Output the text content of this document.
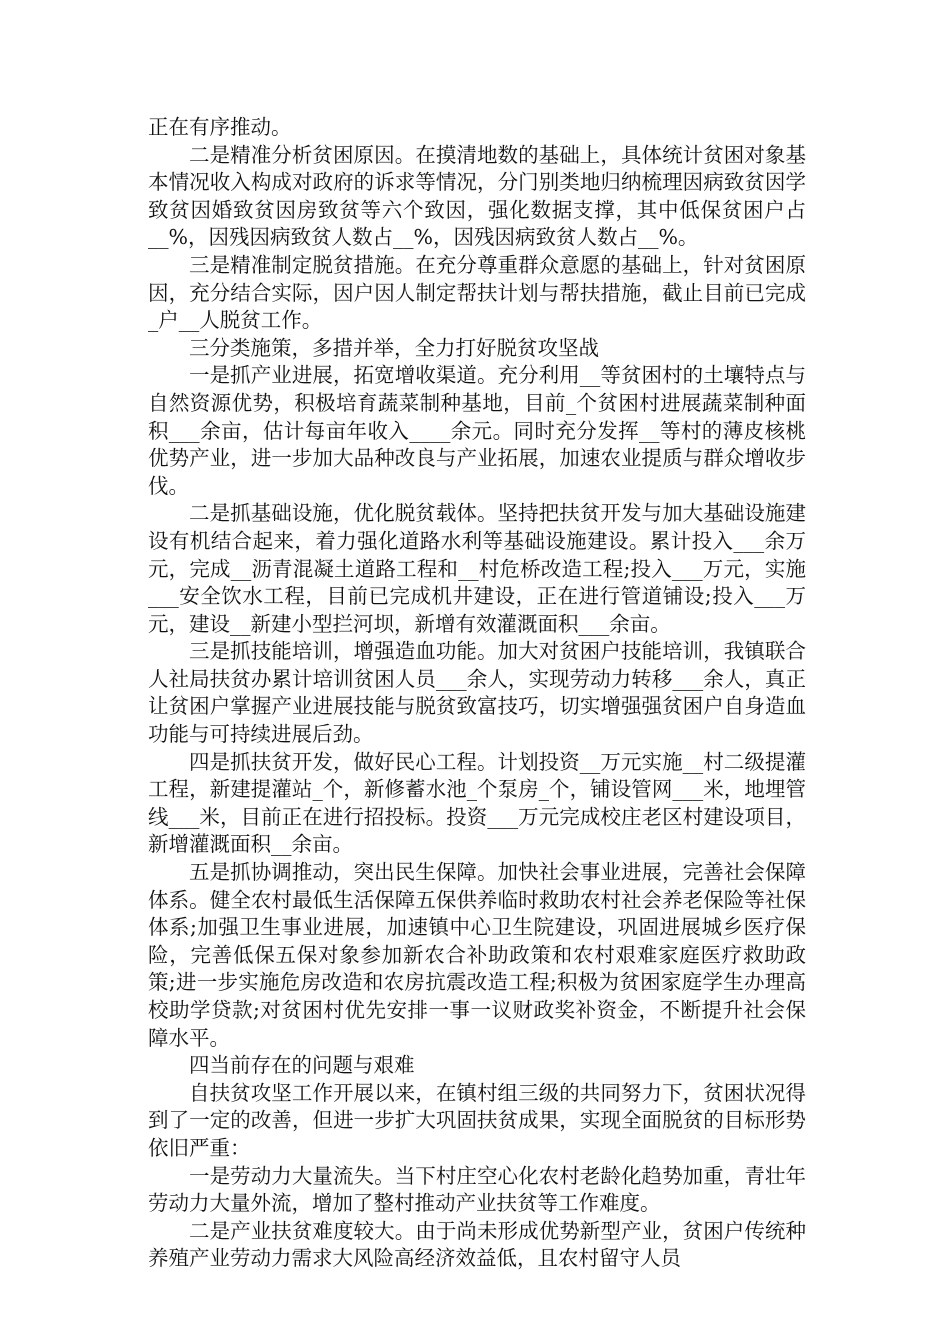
正在有序推动。

二是精准分析贫困原因。在摸清地数的基础上，具体统计贫困对象基本情况收入构成对政府的诉求等情况，分门别类地归纳梳理因病致贫因学致贫因婚致贫因房致贫等六个致因，强化数据支撑，其中低保贫困户占__%，因残因病致贫人数占__%，因残因病致贫人数占__%。

三是精准制定脱贫措施。在充分尊重群众意愿的基础上，针对贫困原因，充分结合实际，因户因人制定帮扶计划与帮扶措施，截止目前已完成_户__人脱贫工作。

三分类施策，多措并举，全力打好脱贫攻坚战

一是抓产业进展，拓宽增收渠道。充分利用__等贫困村的土壤特点与自然资源优势，积极培育蔬菜制种基地，目前_个贫困村进展蔬菜制种面积___余亩，估计每亩年收入____余元。同时充分发挥__等村的薄皮核桃优势产业，进一步加大品种改良与产业拓展，加速农业提质与群众增收步伐。

二是抓基础设施，优化脱贫载体。坚持把扶贫开发与加大基础设施建设有机结合起来，着力强化道路水利等基础设施建设。累计投入___余万元，完成__沥青混凝土道路工程和__村危桥改造工程;投入___万元，实施___安全饮水工程，目前已完成机井建设，正在进行管道铺设;投入___万元，建设__新建小型拦河坝，新增有效灌溉面积___余亩。

三是抓技能培训，增强造血功能。加大对贫困户技能培训，我镇联合人社局扶贫办累计培训贫困人员___余人，实现劳动力转移___余人，真正让贫困户掌握产业进展技能与脱贫致富技巧，切实增强强贫困户自身造血功能与可持续进展后劲。

四是抓扶贫开发，做好民心工程。计划投资__万元实施__村二级提灌工程，新建提灌站_个，新修蓄水池_个泵房_个，铺设管网___米，地埋管线___米，目前正在进行招投标。投资___万元完成校庄老区村建设项目，新增灌溉面积__余亩。

五是抓协调推动，突出民生保障。加快社会事业进展，完善社会保障体系。健全农村最低生活保障五保供养临时救助农村社会养老保险等社保体系;加强卫生事业进展，加速镇中心卫生院建设，巩固进展城乡医疗保险，完善低保五保对象参加新农合补助政策和农村艰难家庭医疗救助政策;进一步实施危房改造和农房抗震改造工程;积极为贫困家庭学生办理高校助学贷款;对贫困村优先安排一事一议财政奖补资金，不断提升社会保障水平。

四当前存在的问题与艰难

自扶贫攻坚工作开展以来，在镇村组三级的共同努力下，贫困状况得到了一定的改善，但进一步扩大巩固扶贫成果，实现全面脱贫的目标形势依旧严重：

一是劳动力大量流失。当下村庄空心化农村老龄化趋势加重，青壮年劳动力大量外流，增加了整村推动产业扶贫等工作难度。

二是产业扶贫难度较大。由于尚未形成优势新型产业，贫困户传统种养殖产业劳动力需求大风险高经济效益低，且农村留守人员
